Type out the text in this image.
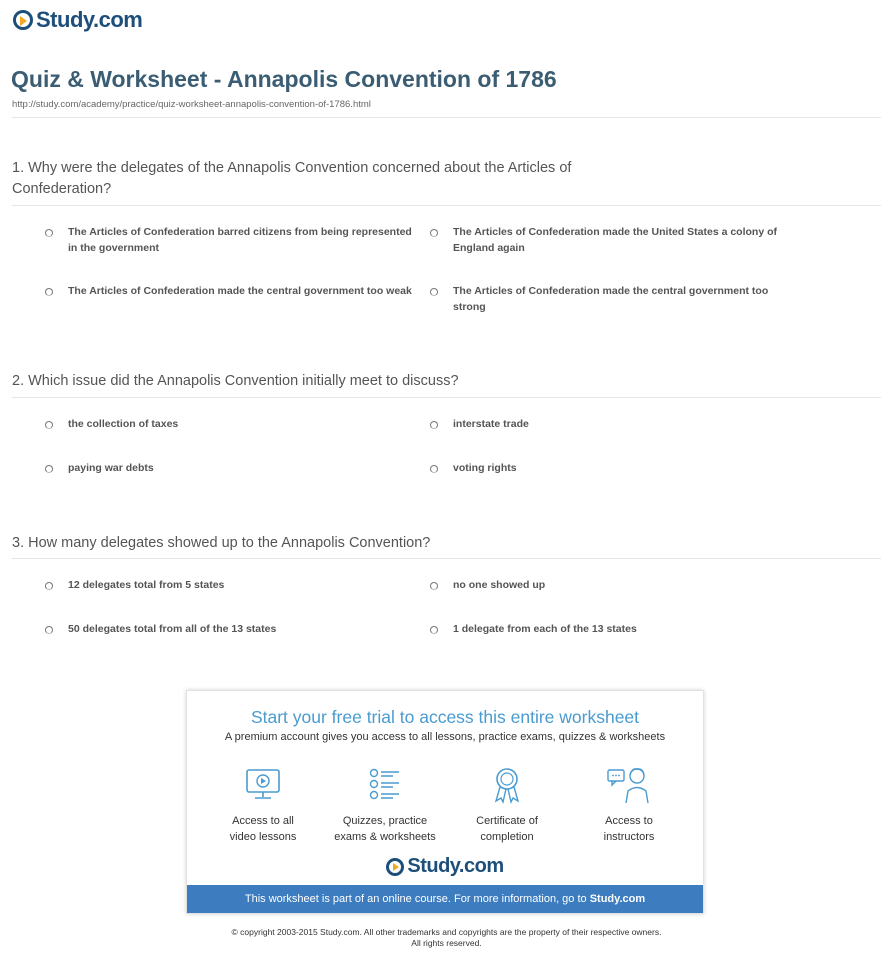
Study.com
Quiz & Worksheet - Annapolis Convention of 1786
http://study.com/academy/practice/quiz-worksheet-annapolis-convention-of-1786.html
1. Why were the delegates of the Annapolis Convention concerned about the Articles of Confederation?
The Articles of Confederation barred citizens from being represented in the government
The Articles of Confederation made the United States a colony of England again
The Articles of Confederation made the central government too weak	The Articles of Confederation made the central government too strong
2. Which issue did the Annapolis Convention initially meet to discuss?
the collection of taxes	interstate trade
paying war debts	voting rights
3. How many delegates showed up to the Annapolis Convention?
12 delegates total from 5 states	no one showed up
50 delegates total from all of the 13 states	1 delegate from each of the 13 states
Start your free trial to access this entire worksheet
A premium account gives you access to all lessons, practice exams, quizzes & worksheets
Access to all
video lessons
Quizzes, practice
exams & worksheets
Certificate of
completion
Access to
instructors
Study.com
This worksheet is part of an online course. For more information, go to Study.com
© copyright 2003-2015 Study.com. All other trademarks and copyrights are the property of their respective owners.
All rights reserved.
